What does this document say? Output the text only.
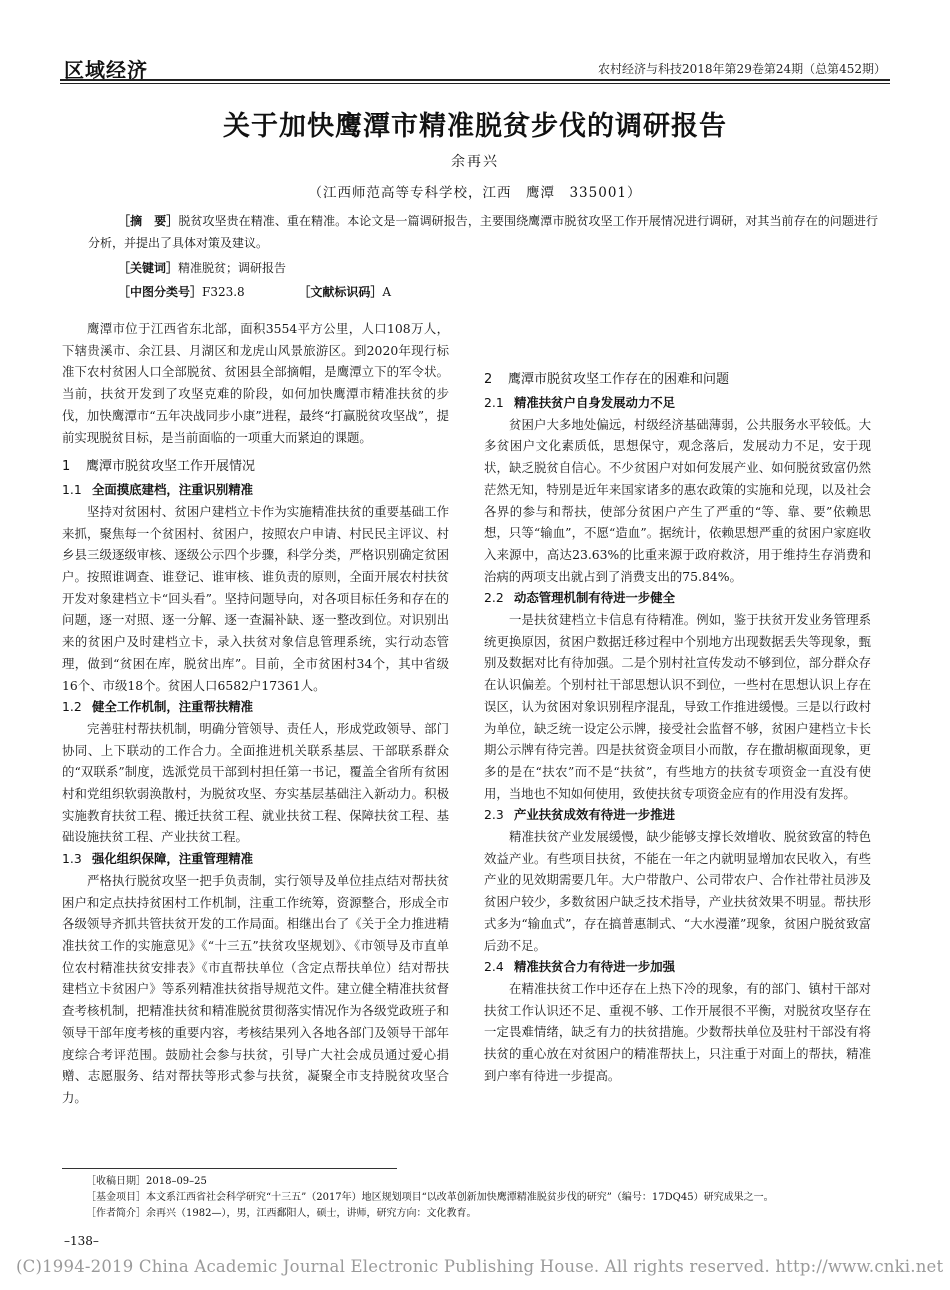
区域经济	农村经济与科技2018年第29卷第24期（总第452期）
关于加快鹰潭市精准脱贫步伐的调研报告
余再兴
（江西师范高等专科学校，江西　鹰潭　335001）

［摘　要］脱贫攻坚贵在精准、重在精准。本论文是一篇调研报告，主要围绕鹰潭市脱贫攻坚工作开展情况进行调研，对其当前存在的问题进行分析，并提出了具体对策及建议。

［关键词］精准脱贫；调研报告
［中图分类号］F323.8	［文献标识码］A

鹰潭市位于江西省东北部，面积3554平方公里，人口108万人，下辖贵溪市、余江县、月湖区和龙虎山风景旅游区。到2020年现行标准下农村贫困人口全部脱贫、贫困县全部摘帽，是鹰潭立下的军令状。当前，扶贫开发到了攻坚克难的阶段，如何加快鹰潭市精准扶贫的步伐，加快鹰潭市“五年决战同步小康”进程，最终“打赢脱贫攻坚战”，提前实现脱贫目标，是当前面临的一项重大而紧迫的课题。

1 鹰潭市脱贫攻坚工作开展情况
1.1 全面摸底建档，注重识别精准

坚持对贫困村、贫困户建档立卡作为实施精准扶贫的重要基础工作来抓，聚焦每一个贫困村、贫困户，按照农户申请、村民民主评议、村乡县三级逐级审核、逐级公示四个步骤，科学分类，严格识别确定贫困户。按照谁调查、谁登记、谁审核、谁负责的原则，全面开展农村扶贫开发对象建档立卡“回头看”。坚持问题导向，对各项目标任务和存在的问题，逐一对照、逐一分解、逐一查漏补缺、逐一整改到位。对识别出来的贫困户及时建档立卡，录入扶贫对象信息管理系统，实行动态管理，做到“贫困在库，脱贫出库”。目前，全市贫困村34个，其中省级16个、市级18个。贫困人口6582户17361人。

1.2 健全工作机制，注重帮扶精准

完善驻村帮扶机制，明确分管领导、责任人，形成党政领导、部门协同、上下联动的工作合力。全面推进机关联系基层、干部联系群众的“双联系”制度，选派党员干部到村担任第一书记，覆盖全省所有贫困村和党组织软弱涣散村，为脱贫攻坚、夯实基层基础注入新动力。积极实施教育扶贫工程、搬迁扶贫工程、就业扶贫工程、保障扶贫工程、基础设施扶贫工程、产业扶贫工程。

1.3 强化组织保障，注重管理精准

严格执行脱贫攻坚一把手负责制，实行领导及单位挂点结对帮扶贫困户和定点扶持贫困村工作机制，注重工作统筹，资源整合，形成全市各级领导齐抓共管扶贫开发的工作局面。相继出台了《关于全力推进精准扶贫工作的实施意见》《“十三五”扶贫攻坚规划》、《市领导及市直单位农村精准扶贫安排表》《市直帮扶单位（含定点帮扶单位）结对帮扶建档立卡贫困户》等系列精准扶贫指导规范文件。建立健全精准扶贫督查考核机制，把精准扶贫和精准脱贫贯彻落实情况作为各级党政班子和领导干部年度考核的重要内容，考核结果列入各地各部门及领导干部年度综合考评范围。鼓励社会参与扶贫，引导广大社会成员通过爱心捐赠、志愿服务、结对帮扶等形式参与扶贫，凝聚全市支持脱贫攻坚合力。

2 鹰潭市脱贫攻坚工作存在的困难和问题
2.1 精准扶贫户自身发展动力不足

贫困户大多地处偏远，村级经济基础薄弱，公共服务水平较低。大多贫困户文化素质低，思想保守，观念落后，发展动力不足，安于现状，缺乏脱贫自信心。不少贫困户对如何发展产业、如何脱贫致富仍然茫然无知，特别是近年来国家诸多的惠农政策的实施和兑现，以及社会各界的参与和帮扶，使部分贫困户产生了严重的“等、靠、要”依赖思想，只等“输血”，不愿“造血”。据统计，依赖思想严重的贫困户家庭收入来源中，高达23.63%的比重来源于政府救济，用于维持生存消费和治病的两项支出就占到了消费支出的75.84%。

2.2 动态管理机制有待进一步健全

一是扶贫建档立卡信息有待精准。例如，鉴于扶贫开发业务管理系统更换原因，贫困户数据迁移过程中个别地方出现数据丢失等现象，甄别及数据对比有待加强。二是个别村社宣传发动不够到位，部分群众存在认识偏差。个别村社干部思想认识不到位，一些村在思想认识上存在误区，认为贫困对象识别程序混乱，导致工作推进缓慢。三是以行政村为单位，缺乏统一设定公示牌，接受社会监督不够，贫困户建档立卡长期公示牌有待完善。四是扶贫资金项目小而散，存在撒胡椒面现象，更多的是在“扶农”而不是“扶贫”，有些地方的扶贫专项资金一直没有使用，当地也不知如何使用，致使扶贫专项资金应有的作用没有发挥。

2.3 产业扶贫成效有待进一步推进

精准扶贫产业发展缓慢，缺少能够支撑长效增收、脱贫致富的特色效益产业。有些项目扶贫，不能在一年之内就明显增加农民收入，有些产业的见效期需要几年。大户带散户、公司带农户、合作社带社员涉及贫困户较少，多数贫困户缺乏技术指导，产业扶贫效果不明显。帮扶形式多为“输血式”，存在搞普惠制式、“大水漫灌”现象，贫困户脱贫致富后劲不足。

2.4 精准扶贫合力有待进一步加强

在精准扶贫工作中还存在上热下冷的现象，有的部门、镇村干部对扶贫工作认识还不足、重视不够、工作开展很不平衡，对脱贫攻坚存在一定畏难情绪，缺乏有力的扶贫措施。少数帮扶单位及驻村干部没有将扶贫的重心放在对贫困户的精准帮扶上，只注重于对面上的帮扶，精准到户率有待进一步提高。

［收稿日期］2018–09–25
［基金项目］本文系江西省社会科学研究“十三五”（2017年）地区规划项目“以改革创新加快鹰潭精准脱贫步伐的研究”（编号：17DQ45）研究成果之一。
［作者简介］余再兴（1982—），男，江西鄱阳人，硕士，讲师，研究方向：文化教育。
–138–
(C)1994-2019 China Academic Journal Electronic Publishing House. All rights reserved. http://www.cnki.net
